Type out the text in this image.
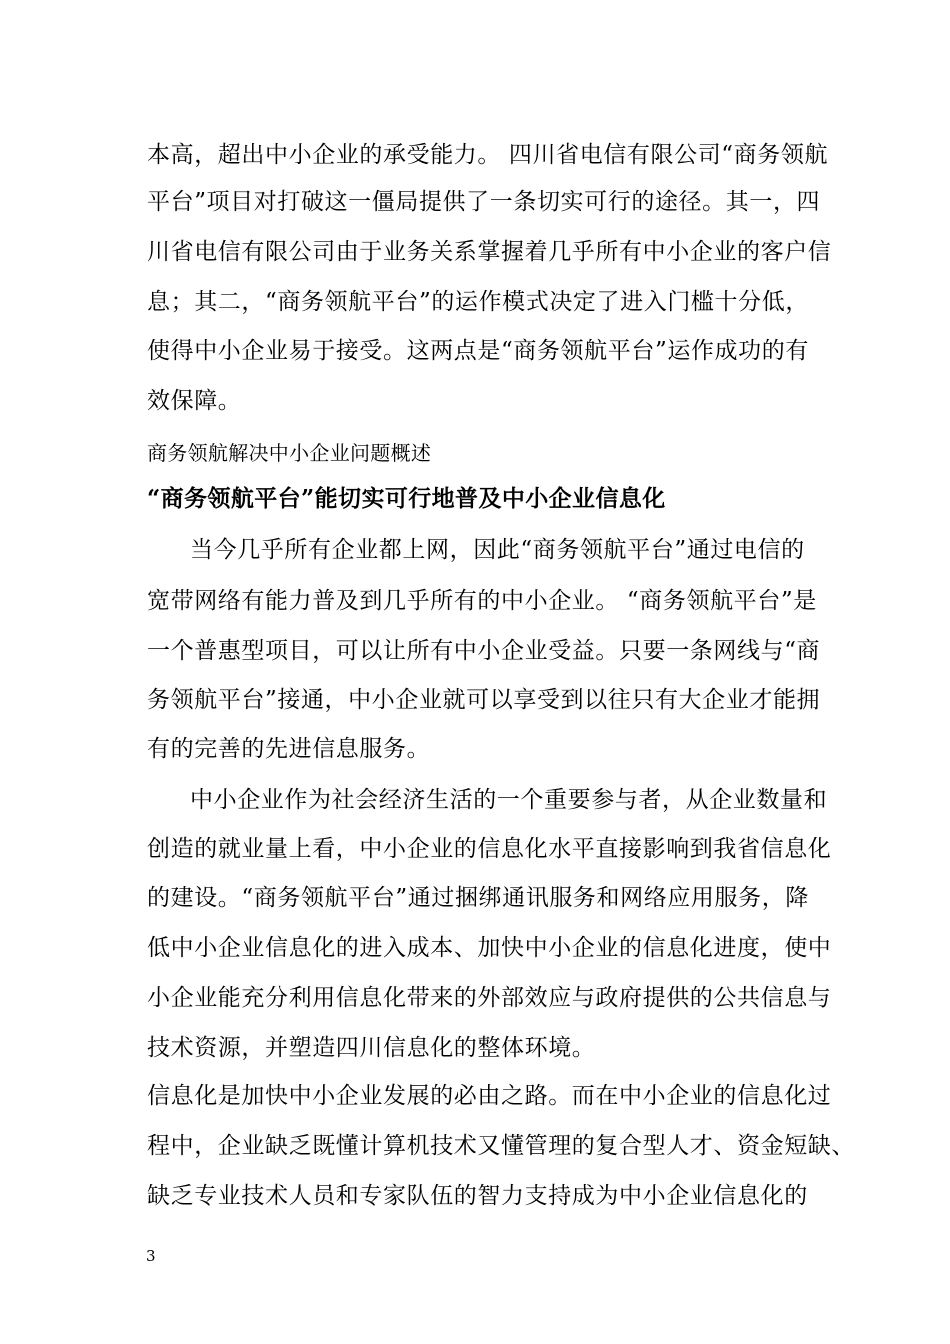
本高，超出中小企业的承受能力。 四川省电信有限公司“商务领航
平台”项目对打破这一僵局提供了一条切实可行的途径。其一，四
川省电信有限公司由于业务关系掌握着几乎所有中小企业的客户信
息；其二，“商务领航平台”的运作模式决定了进入门槛十分低，
使得中小企业易于接受。这两点是“商务领航平台”运作成功的有
效保障。
商务领航解决中小企业问题概述
“商务领航平台”能切实可行地普及中小企业信息化
当今几乎所有企业都上网，因此“商务领航平台”通过电信的
宽带网络有能力普及到几乎所有的中小企业。 “商务领航平台”是
一个普惠型项目，可以让所有中小企业受益。只要一条网线与“商
务领航平台”接通，中小企业就可以享受到以往只有大企业才能拥
有的完善的先进信息服务。
中小企业作为社会经济生活的一个重要参与者，从企业数量和
创造的就业量上看，中小企业的信息化水平直接影响到我省信息化
的建设。“商务领航平台”通过捆绑通讯服务和网络应用服务，降
低中小企业信息化的进入成本、加快中小企业的信息化进度，使中
小企业能充分利用信息化带来的外部效应与政府提供的公共信息与
技术资源，并塑造四川信息化的整体环境。
信息化是加快中小企业发展的必由之路。而在中小企业的信息化过
程中，企业缺乏既懂计算机技术又懂管理的复合型人才、资金短缺、
缺乏专业技术人员和专家队伍的智力支持成为中小企业信息化的
3
